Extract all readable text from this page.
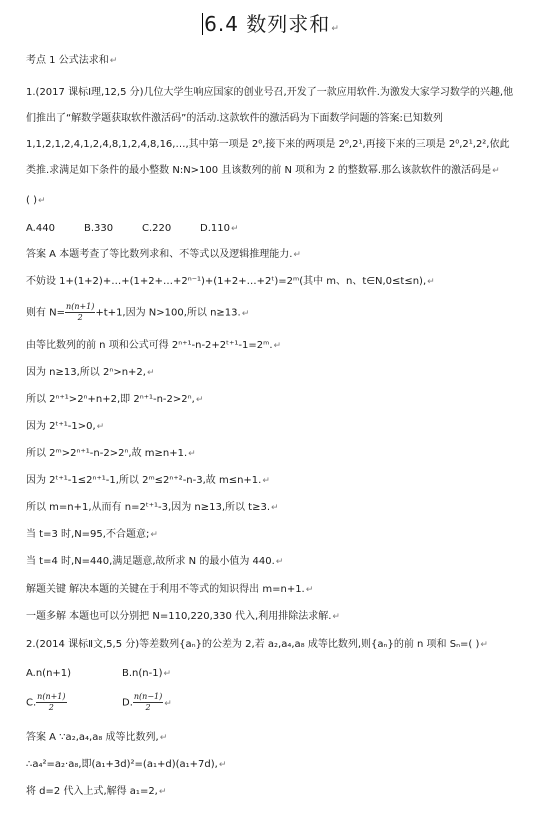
6.4 数列求和↵
考点 1 公式法求和↵
1.(2017 课标Ⅰ理,12,5 分)几位大学生响应国家的创业号召,开发了一款应用软件.为激发大家学习数学的兴趣,他们推出了“解数学题获取软件激活码”的活动.这款软件的激活码为下面数学问题的答案:已知数列 1,1,2,1,2,4,1,2,4,8,1,2,4,8,16,…,其中第一项是 2⁰,接下来的两项是 2⁰,2¹,再接下来的三项是 2⁰,2¹,2²,依此类推.求满足如下条件的最小整数 N:N>100 且该数列的前 N 项和为 2 的整数幂.那么该款软件的激活码是↵
( )↵
A.440	B.330	C.220	D.110↵
答案 A 本题考查了等比数列求和、不等式以及逻辑推理能力.↵
不妨设 1+(1+2)+…+(1+2+…+2ⁿ⁻¹)+(1+2+…+2ᵗ)=2ᵐ(其中 m、n、t∈N,0≤t≤n),↵
则有 $N= \frac{n(n+1)}{2} +t+1$,因为 N>100,所以 n≥13.↵
由等比数列的前 n 项和公式可得 2ⁿ⁺¹-n-2+2ᵗ⁺¹-1=2ᵐ.↵
因为 n≥13,所以 2ⁿ>n+2,↵
所以 2ⁿ⁺¹>2ⁿ+n+2,即 2ⁿ⁺¹-n-2>2ⁿ,↵
因为 2ᵗ⁺¹-1>0,↵
所以 2ᵐ>2ⁿ⁺¹-n-2>2ⁿ,故 m≥n+1.↵
因为 2ᵗ⁺¹-1≤2ⁿ⁺¹-1,所以 2ᵐ≤2ⁿ⁺²-n-3,故 m≤n+1.↵
所以 m=n+1,从而有 n=2ᵗ⁺¹-3,因为 n≥13,所以 t≥3.↵
当 t=3 时,N=95,不合题意;↵
当 t=4 时,N=440,满足题意,故所求 N 的最小值为 440.↵
解题关键 解决本题的关键在于利用不等式的知识得出 m=n+1.↵
一题多解 本题也可以分别把 N=110,220,330 代入,利用排除法求解.↵
2.(2014 课标Ⅱ文,5,5 分)等差数列{aₙ}的公差为 2,若 a₂,a₄,a₈ 成等比数列,则{aₙ}的前 n 项和 Sₙ=( )↵
A.n(n+1)	B.n(n-1)↵
C. $\frac{n(n+1)}{2}$	D. $\frac{n(n-1)}{2}$ ↵
答案 A ∵a₂,a₄,a₈ 成等比数列,↵
∴a₄²=a₂·a₈,即(a₁+3d)²=(a₁+d)(a₁+7d),↵
将 d=2 代入上式,解得 a₁=2,↵
